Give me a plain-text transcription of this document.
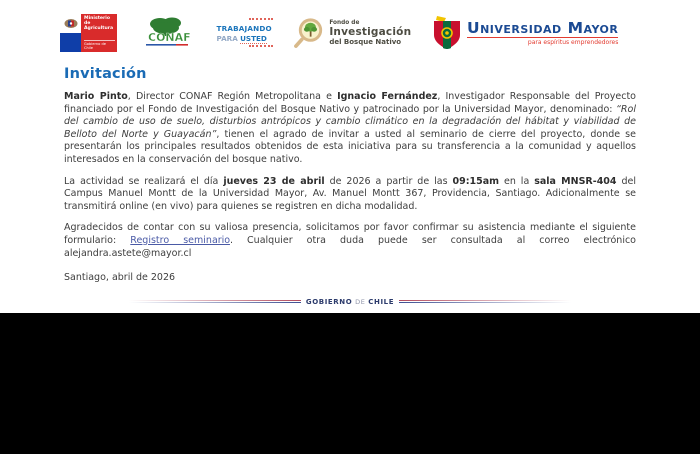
Ministerio de Agricultura
Gobierno de Chile
CONAF
TRABAJANDO
PARA USTED
Fondo de
Investigación
del Bosque Nativo
Universidad Mayor
para espíritus emprendedores
Invitación

Mario Pinto, Director CONAF Región Metropolitana e Ignacio Fernández, Investigador Responsable del Proyecto financiado por el Fondo de Investigación del Bosque Nativo y patrocinado por la Universidad Mayor, denominado: “Rol del cambio de uso de suelo, disturbios antrópicos y cambio climático en la degradación del hábitat y viabilidad de Belloto del Norte y Guayacán”, tienen el agrado de invitar a usted al seminario de cierre del proyecto, donde se presentarán los principales resultados obtenidos de esta iniciativa para su transferencia a la comunidad y aquellos interesados en la conservación del bosque nativo.

La actividad se realizará el día jueves 23 de abril de 2026 a partir de las 09:15am en la sala MNSR-404 del Campus Manuel Montt de la Universidad Mayor, Av. Manuel Montt 367, Providencia, Santiago. Adicionalmente se transmitirá online (en vivo) para quienes se registren en dicha modalidad.

Agradecidos de contar con su valiosa presencia, solicitamos por favor confirmar su asistencia mediante el siguiente formulario: Registro seminario. Cualquier otra duda puede ser consultada al correo electrónico alejandra.astete@mayor.cl

Santiago, abril de 2026

GOBIERNO DE CHILE
